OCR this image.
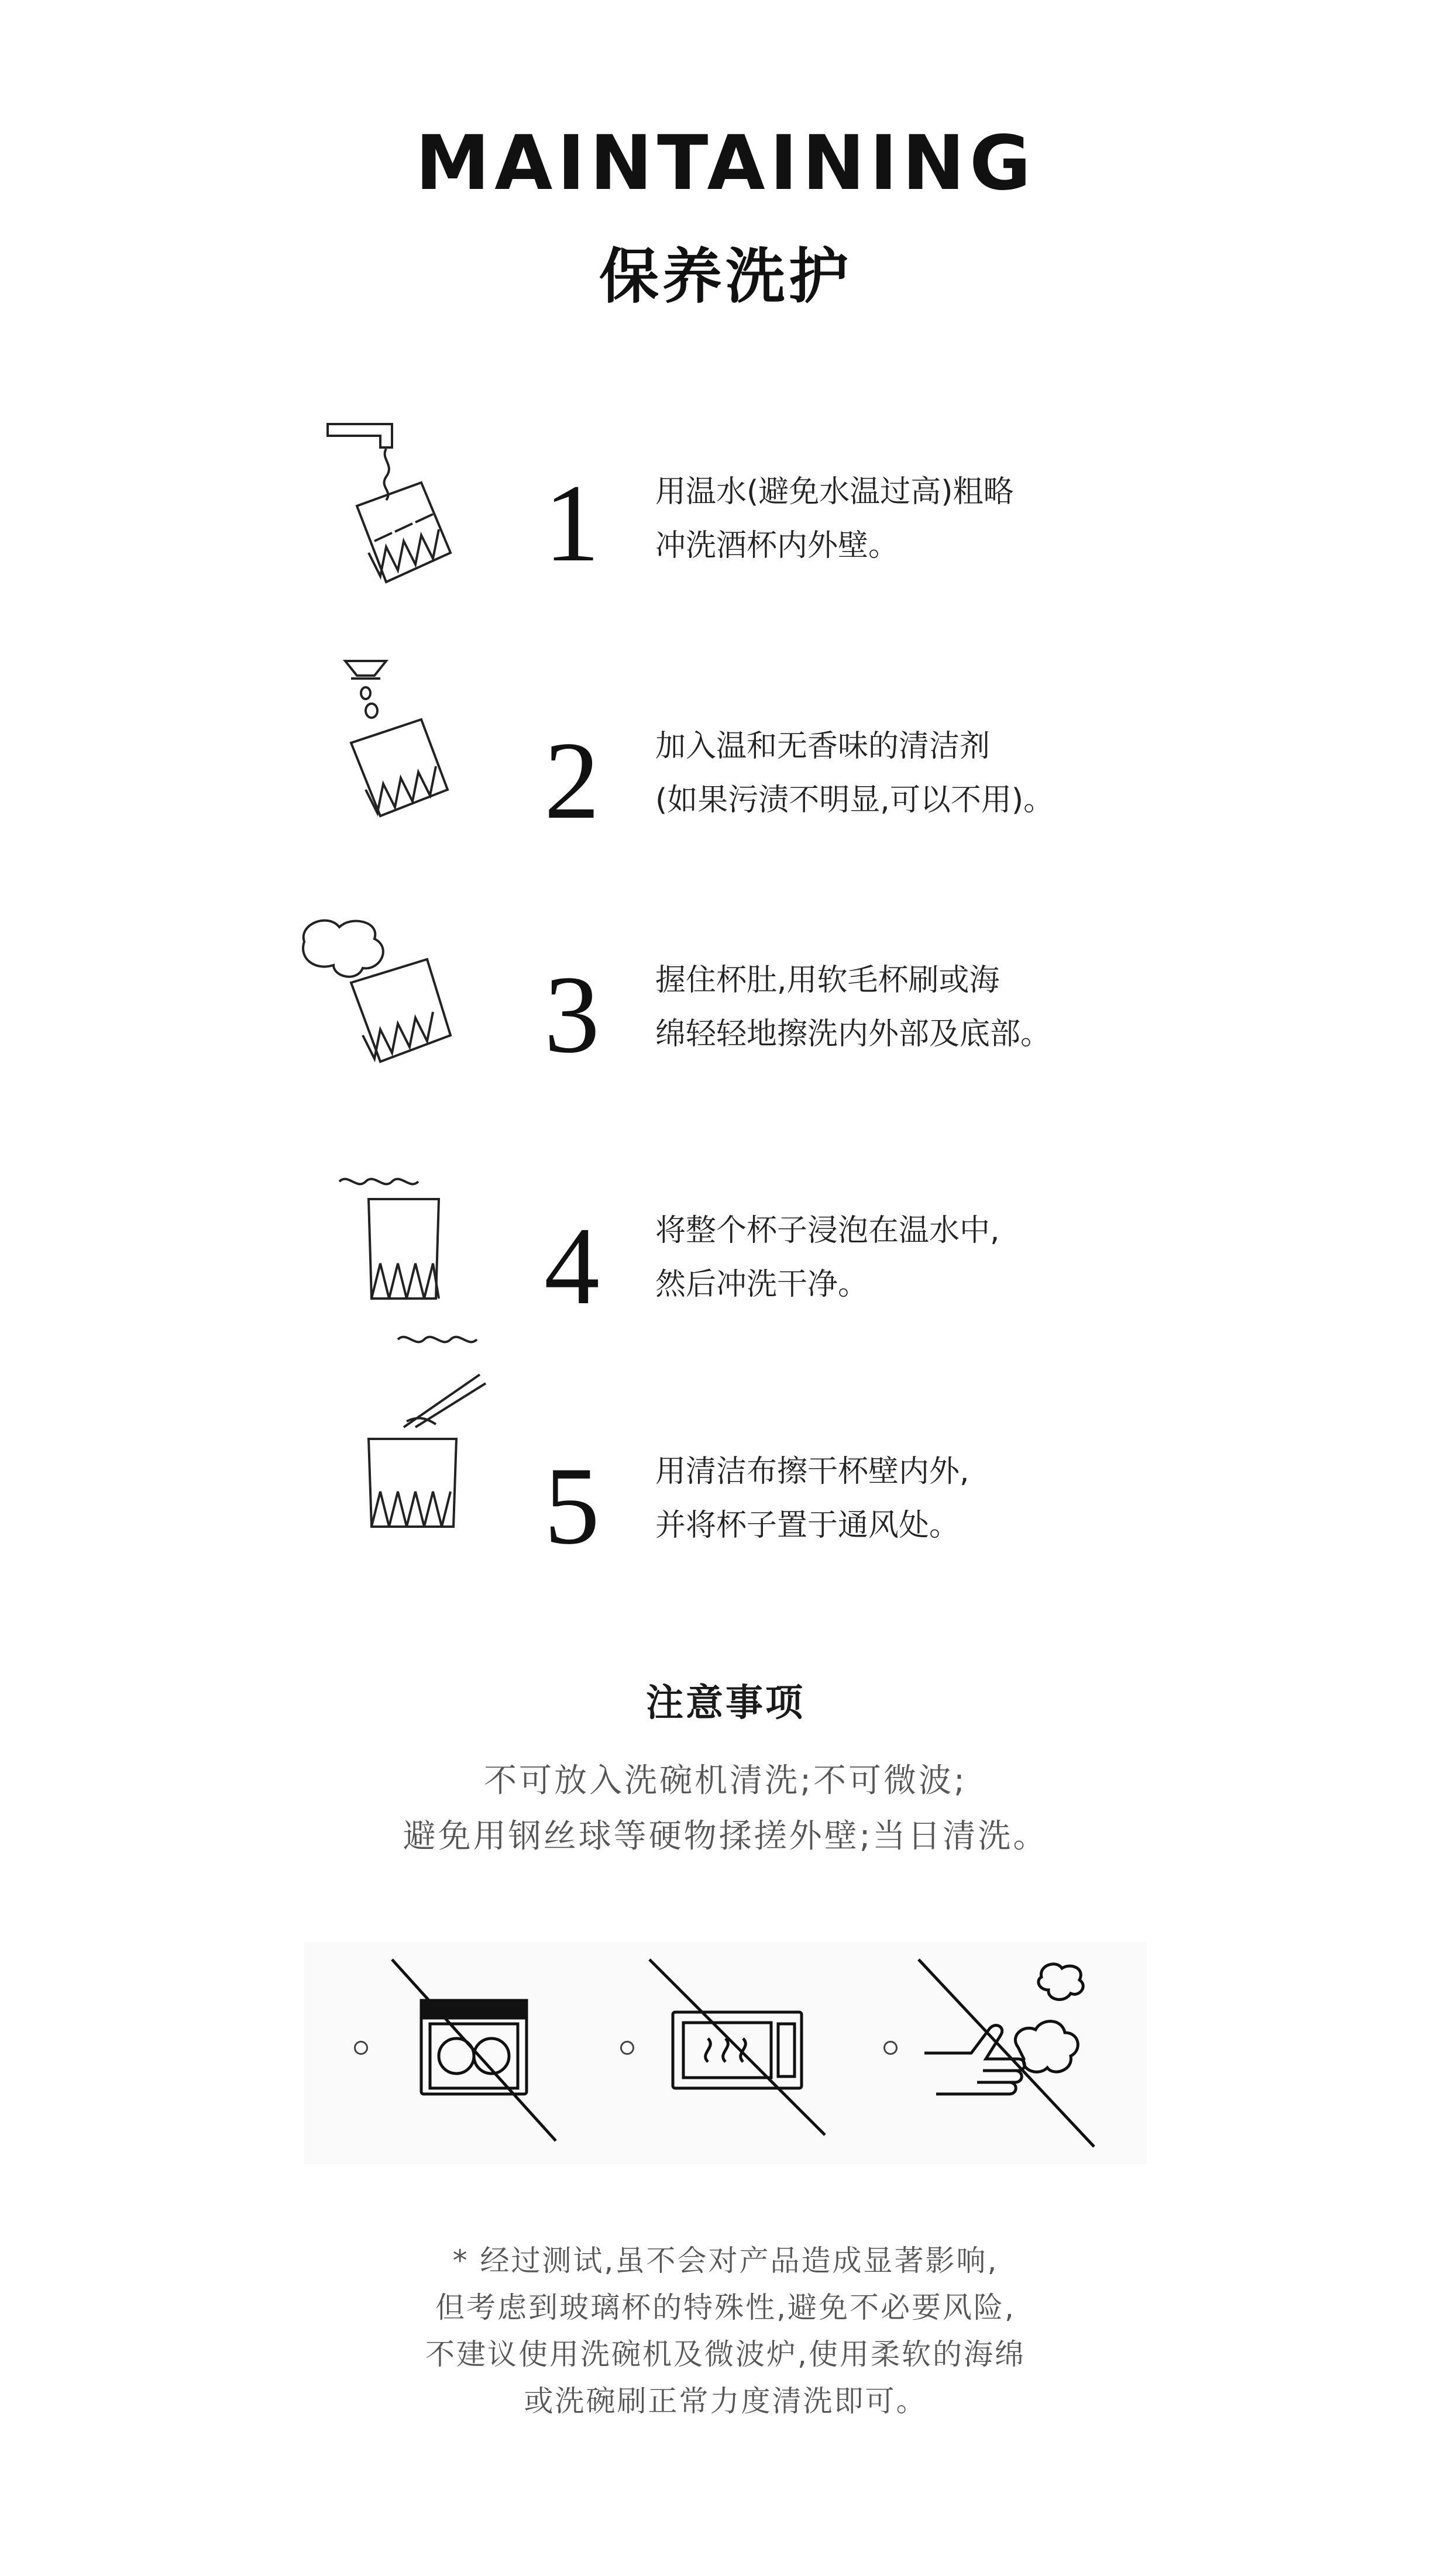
MAINTAINING
保养洗护
1 用温水(避免水温过高)粗略
冲洗酒杯内外壁。
2 加入温和无香味的清洁剂
(如果污渍不明显,可以不用)。
3 握住杯肚,用软毛杯刷或海
绵轻轻地擦洗内外部及底部。
4 将整个杯子浸泡在温水中,
然后冲洗干净。
5 用清洁布擦干杯壁内外,
并将杯子置于通风处。
注意事项
不可放入洗碗机清洗;不可微波;
避免用钢丝球等硬物揉搓外壁;当日清洗。
* 经过测试,虽不会对产品造成显著影响,
但考虑到玻璃杯的特殊性,避免不必要风险,
不建议使用洗碗机及微波炉,使用柔软的海绵
或洗碗刷正常力度清洗即可。
